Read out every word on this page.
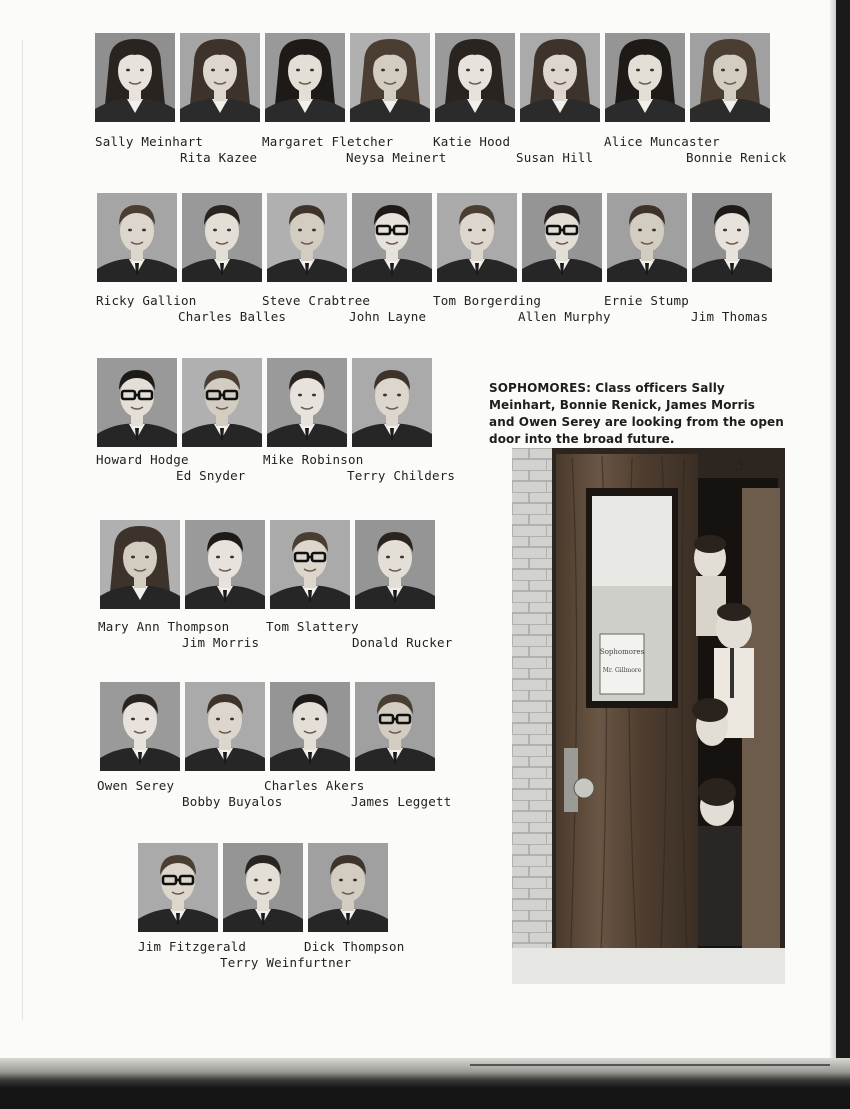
Sally Meinhart	Margaret Fletcher	Katie Hood	Alice Muncaster
Rita Kazee	Neysa Meinert	Susan Hill	Bonnie Renick
Ricky Gallion	Steve Crabtree	Tom Borgerding	Ernie Stump
Charles Balles	John Layne	Allen Murphy	Jim Thomas
Howard Hodge	Mike Robinson
Ed Snyder	Terry Childers
Mary Ann Thompson	Tom Slattery
Jim Morris	Donald Rucker
Owen Serey	Charles Akers
Bobby Buyalos	James Leggett
Jim Fitzgerald	Dick Thompson
Terry Weinfurtner
SOPHOMORES: Class officers Sally
Meinhart, Bonnie Renick, James Morris
and Owen Serey are looking from the open
door into the broad future.
Sophomores
Mr. Gillmore
3
